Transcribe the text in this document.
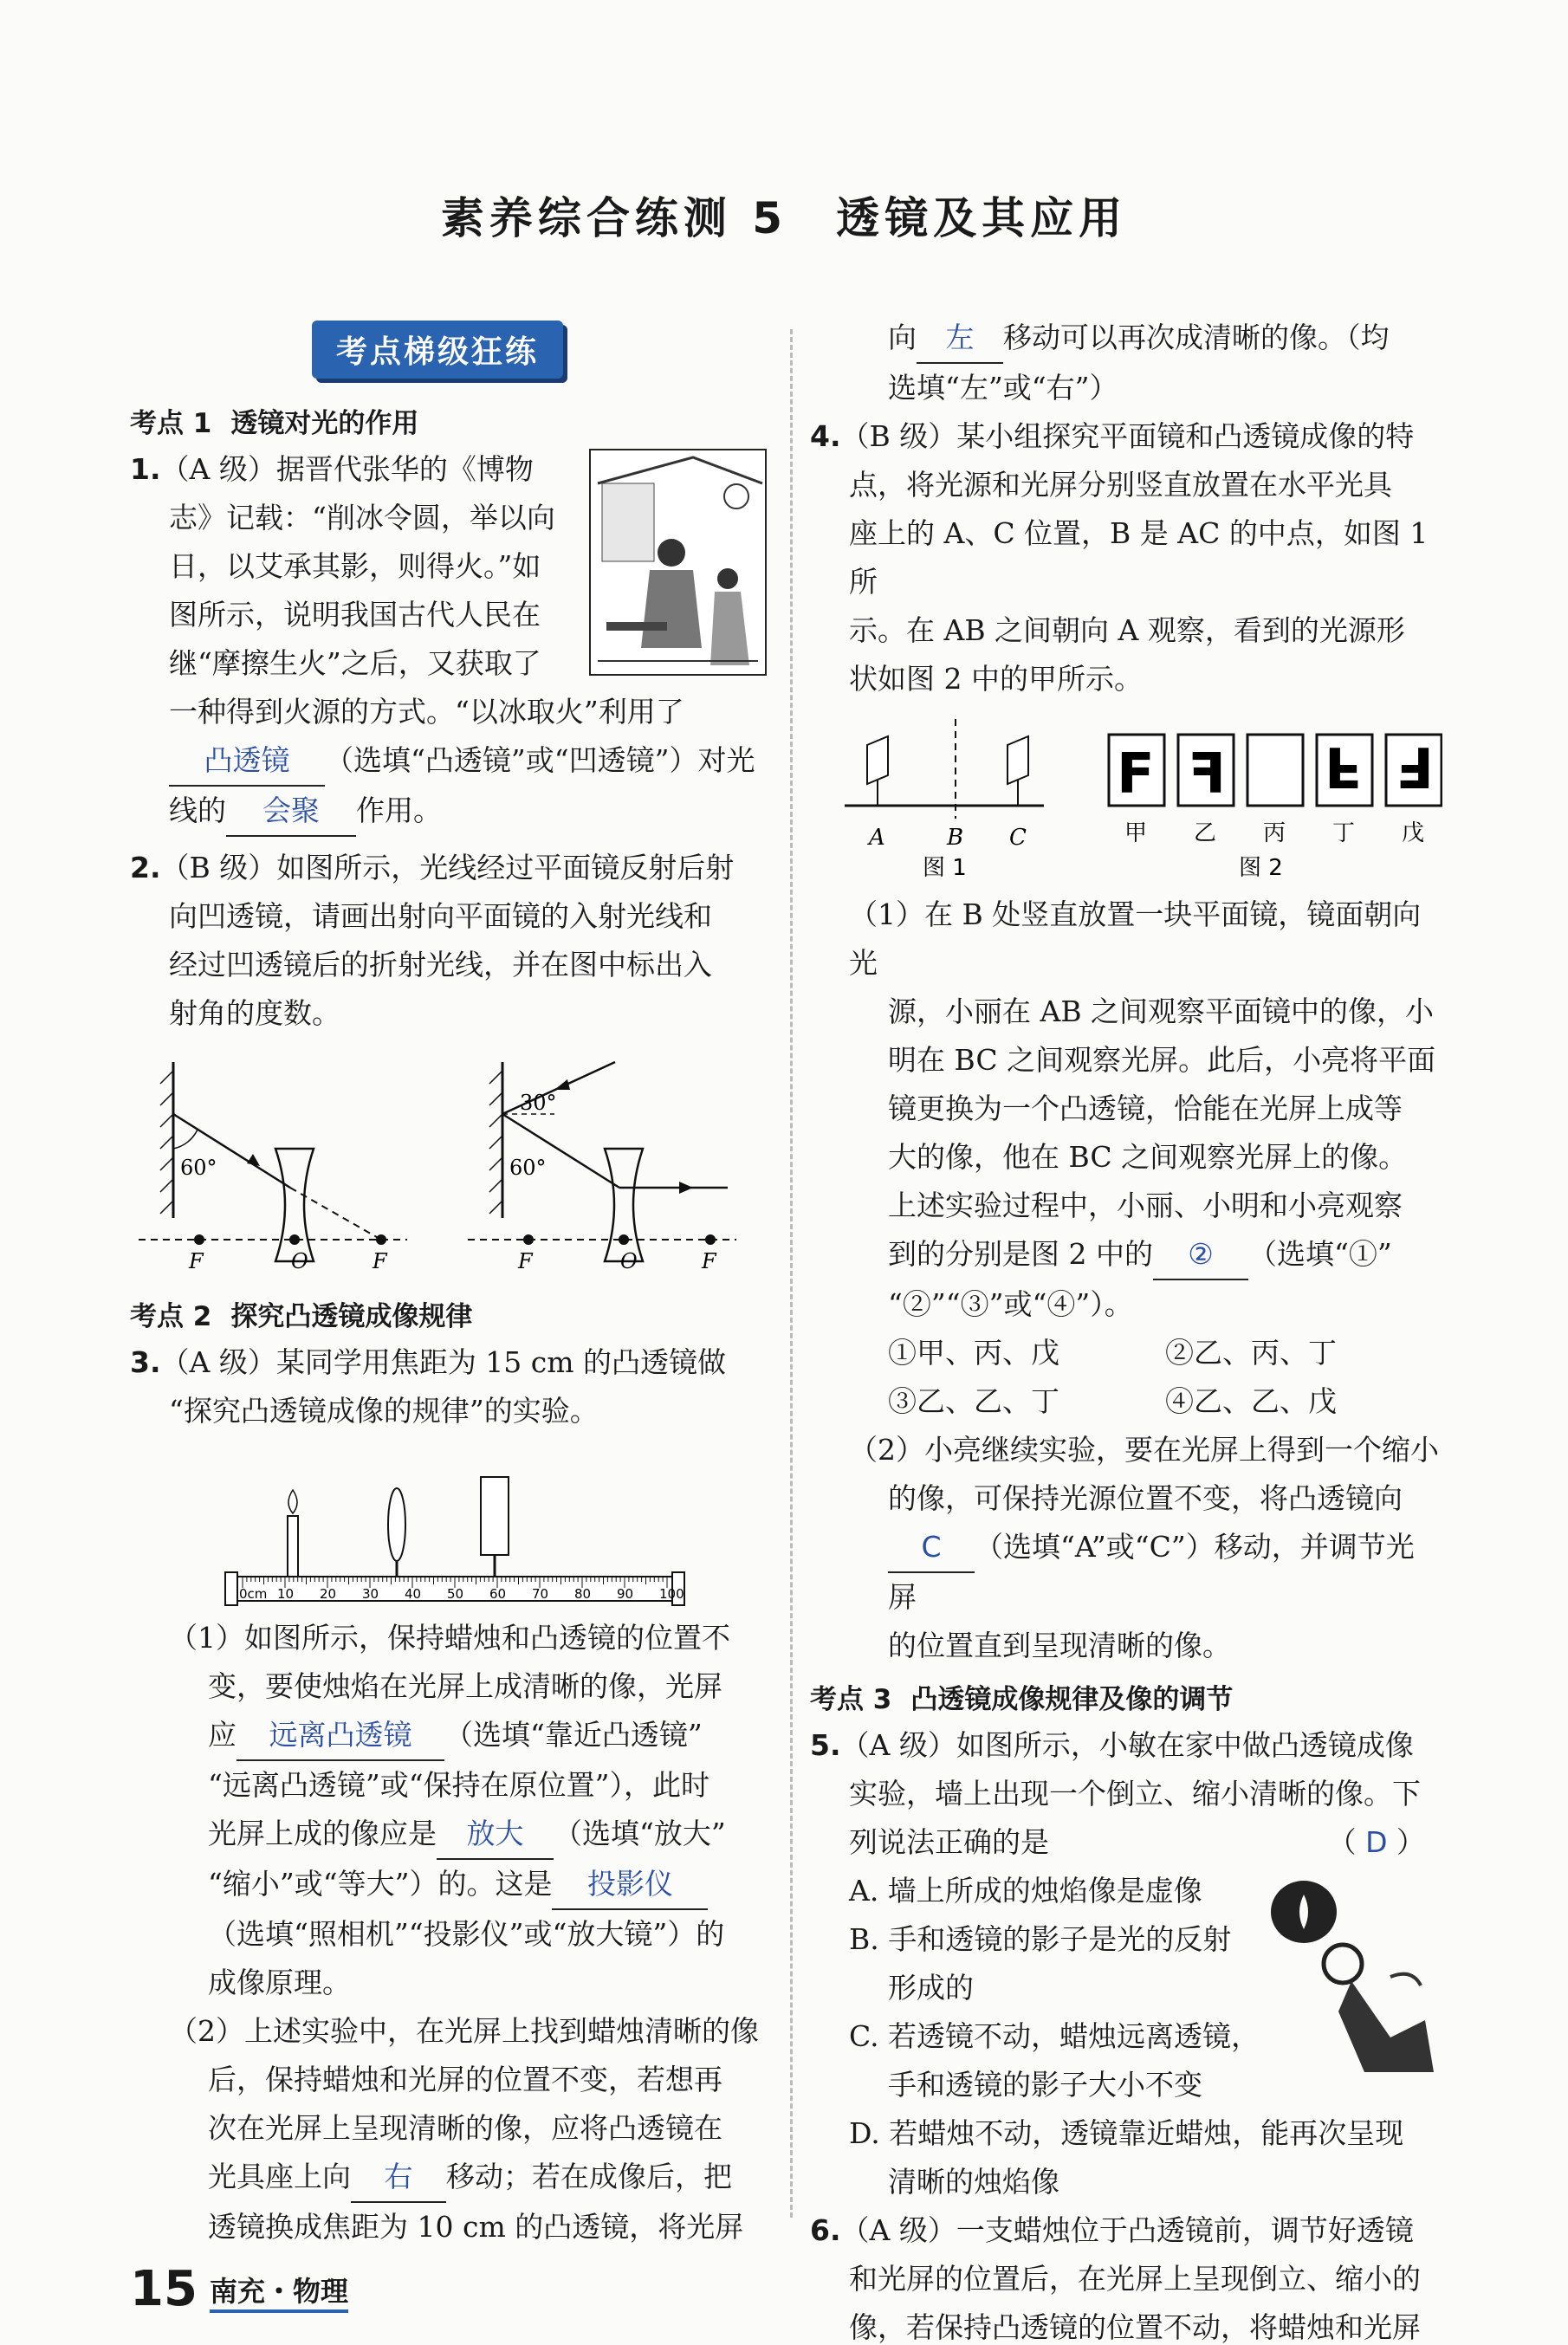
素养综合练测 5　透镜及其应用
考点梯级狂练
考点 1 透镜对光的作用

1.（A 级）据晋代张华的《博物

志》记载：“削冰令圆，举以向

日，以艾承其影，则得火。”如

图所示，说明我国古代人民在

继“摩擦生火”之后，又获取了

一种得到火源的方式。“以冰取火”利用了

凸透镜 （选填“凸透镜”或“凹透镜”）对光

线的 会聚 作用。

2.（B 级）如图所示，光线经过平面镜反射后射

向凹透镜，请画出射向平面镜的入射光线和

经过凹透镜后的折射光线，并在图中标出入

射角的度数。

60°
F	O	F
30°
60°
F	O	F
考点 2 探究凸透镜成像规律

3.（A 级）某同学用焦距为 15 cm 的凸透镜做

“探究凸透镜成像的规律”的实验。

0cm 10 20 30 40 50 60 70 80 90 100

（1）如图所示，保持蜡烛和凸透镜的位置不

变，要使烛焰在光屏上成清晰的像，光屏

应 远离凸透镜 （选填“靠近凸透镜”

“远离凸透镜”或“保持在原位置”），此时

光屏上成的像应是 放大 （选填“放大”

“缩小”或“等大”）的。这是 投影仪

（选填“照相机”“投影仪”或“放大镜”）的

成像原理。

（2）上述实验中，在光屏上找到蜡烛清晰的像

后，保持蜡烛和光屏的位置不变，若想再

次在光屏上呈现清晰的像，应将凸透镜在

光具座上向 右 移动；若在成像后，把

透镜换成焦距为 10 cm 的凸透镜，将光屏

向 左 移动可以再次成清晰的像。（均

选填“左”或“右”）

4.（B 级）某小组探究平面镜和凸透镜成像的特

点，将光源和光屏分别竖直放置在水平光具

座上的 A、C 位置，B 是 AC 的中点，如图 1 所

示。在 AB 之间朝向 A 观察，看到的光源形

状如图 2 中的甲所示。

A	B C
图 1
F F F F
甲 乙 丙 丁 戊
图 2

（1）在 B 处竖直放置一块平面镜，镜面朝向光

源，小丽在 AB 之间观察平面镜中的像，小

明在 BC 之间观察光屏。此后，小亮将平面

镜更换为一个凸透镜，恰能在光屏上成等

大的像，他在 BC 之间观察光屏上的像。

上述实验过程中，小丽、小明和小亮观察

到的分别是图 2 中的 ② （选填“①”

“②”“③”或“④”）。

①甲、丙、戊	②乙、丙、丁
③乙、乙、丁	④乙、乙、戊

（2）小亮继续实验，要在光屏上得到一个缩小

的像，可保持光源位置不变，将凸透镜向

C （选填“A”或“C”）移动，并调节光屏

的位置直到呈现清晰的像。

考点 3 凸透镜成像规律及像的调节

5.（A 级）如图所示，小敏在家中做凸透镜成像

实验，墙上出现一个倒立、缩小清晰的像。下

列说法正确的是	（ D ）

A. 墙上所成的烛焰像是虚像

B. 手和透镜的影子是光的反射

形成的

C. 若透镜不动，蜡烛远离透镜，

手和透镜的影子大小不变

D. 若蜡烛不动，透镜靠近蜡烛，能再次呈现

清晰的烛焰像

6.（A 级）一支蜡烛位于凸透镜前，调节好透镜

和光屏的位置后，在光屏上呈现倒立、缩小的

像，若保持凸透镜的位置不动，将蜡烛和光屏

15 南充・物理
